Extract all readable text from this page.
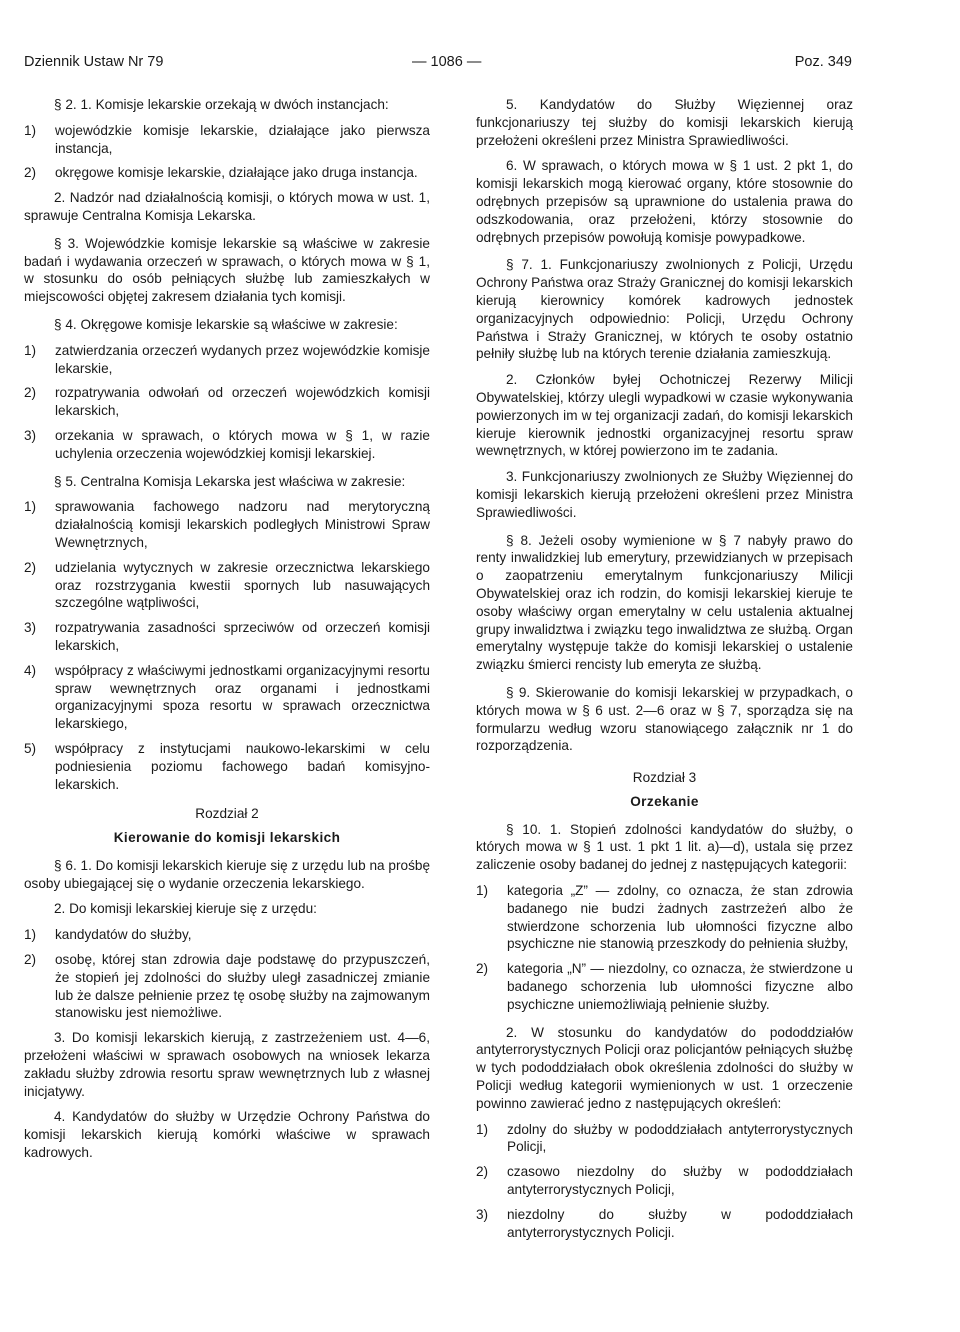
Dziennik Ustaw Nr 79	— 1086 —	Poz. 349

§ 2. 1. Komisje lekarskie orzekają w dwóch instancjach:

1) wojewódzkie komisje lekarskie, działające jako pierwsza instancja,

2) okręgowe komisje lekarskie, działające jako druga instancja.

2. Nadzór nad działalnością komisji, o których mowa w ust. 1, sprawuje Centralna Komisja Lekarska.

§ 3. Wojewódzkie komisje lekarskie są właściwe w zakresie badań i wydawania orzeczeń w sprawach, o których mowa w § 1, w stosunku do osób pełniących służbę lub zamieszkałych w miejscowości objętej zakresem działania tych komisji.

§ 4. Okręgowe komisje lekarskie są właściwe w zakresie:

1) zatwierdzania orzeczeń wydanych przez wojewódzkie komisje lekarskie,

2) rozpatrywania odwołań od orzeczeń wojewódzkich komisji lekarskich,

3) orzekania w sprawach, o których mowa w § 1, w razie uchylenia orzeczenia wojewódzkiej komisji lekarskiej.

§ 5. Centralna Komisja Lekarska jest właściwa w zakresie:

1) sprawowania fachowego nadzoru nad merytoryczną działalnością komisji lekarskich podległych Ministrowi Spraw Wewnętrznych,

2) udzielania wytycznych w zakresie orzecznictwa lekarskiego oraz rozstrzygania kwestii spornych lub nasuwających szczególne wątpliwości,

3) rozpatrywania zasadności sprzeciwów od orzeczeń komisji lekarskich,

4) współpracy z właściwymi jednostkami organizacyjnymi resortu spraw wewnętrznych oraz organami i jednostkami organizacyjnymi spoza resortu w sprawach orzecznictwa lekarskiego,

5) współpracy z instytucjami naukowo-lekarskimi w celu podniesienia poziomu fachowego badań komisyjno-lekarskich.

Rozdział 2
Kierowanie do komisji lekarskich

§ 6. 1. Do komisji lekarskich kieruje się z urzędu lub na prośbę osoby ubiegającej się o wydanie orzeczenia lekarskiego.

2. Do komisji lekarskiej kieruje się z urzędu:

1) kandydatów do służby,

2) osobę, której stan zdrowia daje podstawę do przypuszczeń, że stopień jej zdolności do służby uległ zasadniczej zmianie lub że dalsze pełnienie przez tę osobę służby na zajmowanym stanowisku jest niemożliwe.

3. Do komisji lekarskich kierują, z zastrzeżeniem ust. 4—6, przełożeni właściwi w sprawach osobowych na wniosek lekarza zakładu służby zdrowia resortu spraw wewnętrznych lub z własnej inicjatywy.

4. Kandydatów do służby w Urzędzie Ochrony Państwa do komisji lekarskich kierują komórki właściwe w sprawach kadrowych.

5. Kandydatów do Służby Więziennej oraz funkcjonariuszy tej służby do komisji lekarskich kierują przełożeni określeni przez Ministra Sprawiedliwości.

6. W sprawach, o których mowa w § 1 ust. 2 pkt 1, do komisji lekarskich mogą kierować organy, które stosownie do odrębnych przepisów są uprawnione do ustalenia prawa do odszkodowania, oraz przełożeni, którzy stosownie do odrębnych przepisów powołują komisje powypadkowe.

§ 7. 1. Funkcjonariuszy zwolnionych z Policji, Urzędu Ochrony Państwa oraz Straży Granicznej do komisji lekarskich kierują kierownicy komórek kadrowych jednostek organizacyjnych odpowiednio: Policji, Urzędu Ochrony Państwa i Straży Granicznej, w których te osoby ostatnio pełniły służbę lub na których terenie działania zamieszkują.

2. Członków byłej Ochotniczej Rezerwy Milicji Obywatelskiej, którzy ulegli wypadkowi w czasie wykonywania powierzonych im w tej organizacji zadań, do komisji lekarskich kieruje kierownik jednostki organizacyjnej resortu spraw wewnętrznych, w której powierzono im te zadania.

3. Funkcjonariuszy zwolnionych ze Służby Więziennej do komisji lekarskich kierują przełożeni określeni przez Ministra Sprawiedliwości.

§ 8. Jeżeli osoby wymienione w § 7 nabyły prawo do renty inwalidzkiej lub emerytury, przewidzianych w przepisach o zaopatrzeniu emerytalnym funkcjonariuszy Milicji Obywatelskiej oraz ich rodzin, do komisji lekarskiej kieruje te osoby właściwy organ emerytalny w celu ustalenia aktualnej grupy inwalidztwa i związku tego inwalidztwa ze służbą. Organ emerytalny występuje także do komisji lekarskiej o ustalenie związku śmierci rencisty lub emeryta ze służbą.

§ 9. Skierowanie do komisji lekarskiej w przypadkach, o których mowa w § 6 ust. 2—6 oraz w § 7, sporządza się na formularzu według wzoru stanowiącego załącznik nr 1 do rozporządzenia.

Rozdział 3
Orzekanie

§ 10. 1. Stopień zdolności kandydatów do służby, o których mowa w § 1 ust. 1 pkt 1 lit. a)—d), ustala się przez zaliczenie osoby badanej do jednej z następujących kategorii:

1) kategoria „Z” — zdolny, co oznacza, że stan zdrowia badanego nie budzi żadnych zastrzeżeń albo że stwierdzone schorzenia lub ułomności fizyczne albo psychiczne nie stanowią przeszkody do pełnienia służby,

2) kategoria „N” — niezdolny, co oznacza, że stwierdzone u badanego schorzenia lub ułomności fizyczne albo psychiczne uniemożliwiają pełnienie służby.

2. W stosunku do kandydatów do pododdziałów antyterrorystycznych Policji oraz policjantów pełniących służbę w tych pododdziałach obok określenia zdolności do służby w Policji według kategorii wymienionych w ust. 1 orzeczenie powinno zawierać jedno z następujących określeń:

1) zdolny do służby w pododdziałach antyterrorystycznych Policji,

2) czasowo niezdolny do służby w pododdziałach antyterrorystycznych Policji,

3) niezdolny do służby w pododdziałach antyterrorystycznych Policji.
